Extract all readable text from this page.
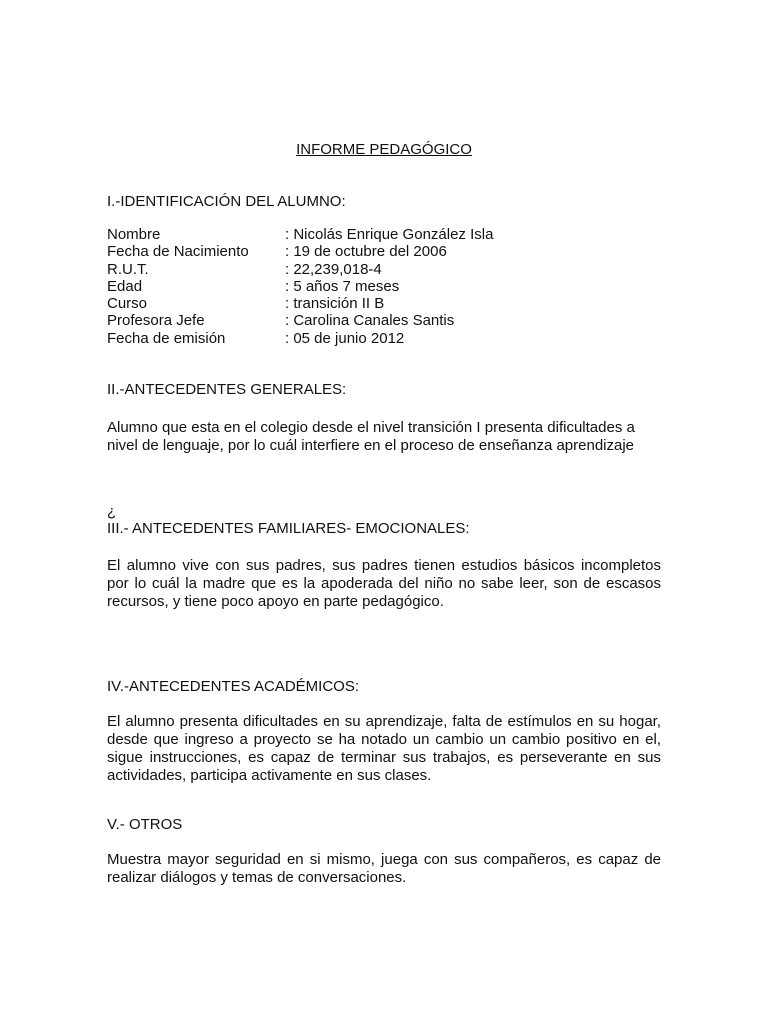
INFORME PEDAGÓGICO
I.-IDENTIFICACIÓN DEL ALUMNO:
Nombre	: Nicolás Enrique González Isla
Fecha de Nacimiento	: 19 de octubre del 2006
R.U.T.	: 22,239,018-4
Edad	: 5 años 7 meses
Curso	: transición II B
Profesora Jefe	: Carolina Canales Santis
Fecha de emisión	: 05 de junio 2012
II.-ANTECEDENTES GENERALES:
Alumno que esta en el colegio desde el nivel transición I presenta dificultades a nivel de lenguaje, por lo cuál interfiere en el proceso de enseñanza aprendizaje
¿
III.- ANTECEDENTES FAMILIARES- EMOCIONALES:
El alumno vive con sus padres, sus padres tienen estudios básicos incompletos por lo cuál la madre que es la apoderada del niño no sabe leer, son de escasos recursos, y tiene poco apoyo en parte pedagógico.
IV.-ANTECEDENTES ACADÉMICOS:
El alumno presenta dificultades en su aprendizaje, falta de estímulos en su hogar, desde que ingreso a proyecto se ha notado un cambio un cambio positivo en el, sigue instrucciones, es capaz de terminar sus trabajos, es perseverante en sus actividades, participa activamente en sus clases.
V.- OTROS
Muestra mayor seguridad en si mismo, juega con sus compañeros, es capaz de realizar diálogos y temas de conversaciones.
